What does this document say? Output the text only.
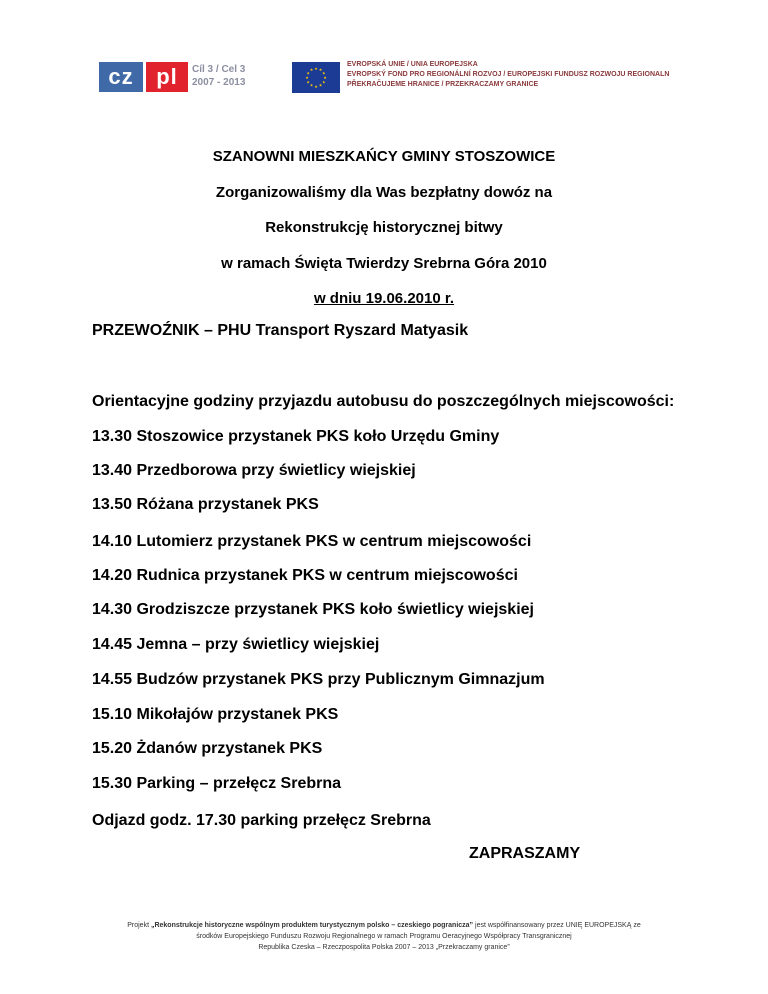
cz	pl	Cíl 3 / Cel 3
2007 - 2013
★ ★
★
★
★
★
★
★
★
★
★
★
EVROPSKÁ UNIE / UNIA EUROPEJSKA
EVROPSKÝ FOND PRO REGIONÁLNÍ ROZVOJ / EUROPEJSKI FUNDUSZ ROZWOJU REGIONALN
PŘEKRAČUJEME HRANICE / PRZEKRACZAMY GRANICE
SZANOWNI MIESZKAŃCY GMINY STOSZOWICE
Zorganizowaliśmy dla Was bezpłatny dowóz na
Rekonstrukcję historycznej bitwy
w ramach Święta Twierdzy Srebrna Góra 2010
w dniu 19.06.2010 r.
PRZEWOŹNIK – PHU Transport Ryszard Matyasik
Orientacyjne godziny przyjazdu autobusu do poszczególnych miejscowości:
13.30 Stoszowice przystanek PKS koło Urzędu Gminy
13.40 Przedborowa przy świetlicy wiejskiej
13.50 Różana przystanek PKS
14.10 Lutomierz przystanek PKS w centrum miejscowości
14.20 Rudnica przystanek PKS w centrum miejscowości
14.30 Grodziszcze przystanek PKS koło świetlicy wiejskiej
14.45 Jemna – przy świetlicy wiejskiej
14.55 Budzów przystanek PKS przy Publicznym Gimnazjum
15.10 Mikołajów przystanek PKS
15.20 Żdanów przystanek PKS
15.30 Parking – przełęcz Srebrna
Odjazd godz. 17.30 parking przełęcz Srebrna
ZAPRASZAMY
Projekt „Rekonstrukcje historyczne wspólnym produktem turystycznym polsko – czeskiego pogranicza” jest współfinansowany przez UNIĘ EUROPEJSKĄ ze
środków Europejskiego Funduszu Rozwoju Regionalnego w ramach Programu Oeracyjnego Współpracy Transgranicznej
Republika Czeska – Rzeczpospolita Polska 2007 – 2013 „Przekraczamy granice”
